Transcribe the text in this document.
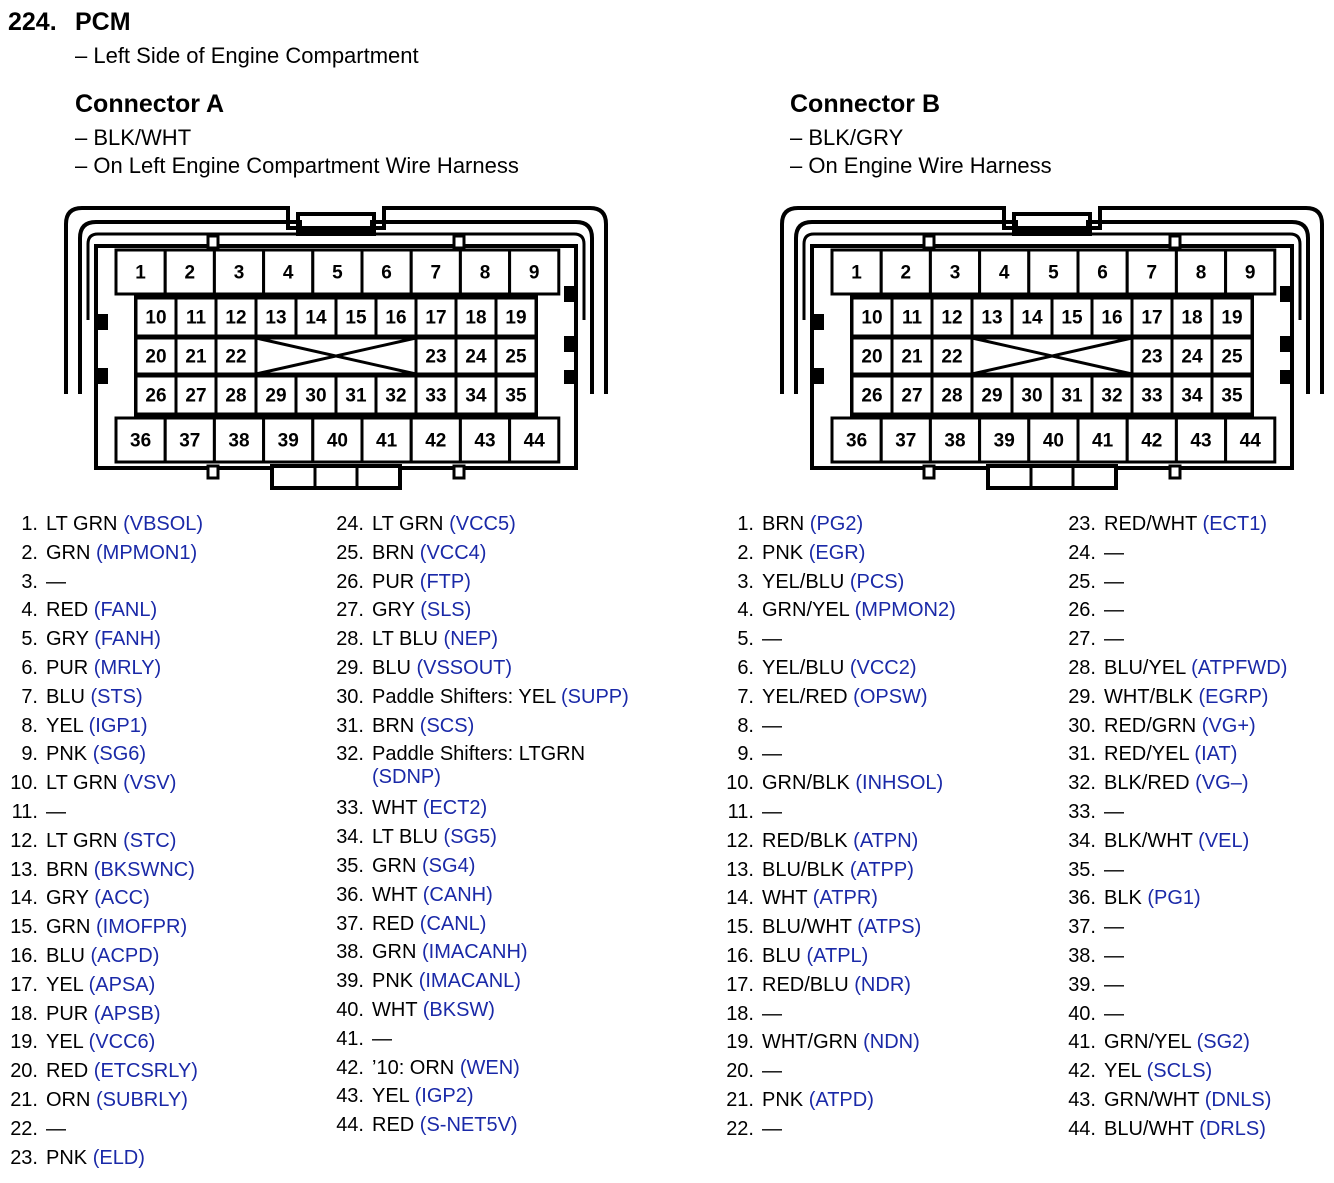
224. PCM
– Left Side of Engine Compartment
Connector A
– BLK/WHT
– On Left Engine Compartment Wire Harness
Connector B
– BLK/GRY
– On Engine Wire Harness
1 2 3 4 5 6 7 8 9
36 37 38 39 40 41 42 43 44
10 11 12 13 14 15 16 17 18 19
26 27 28 29 30 31 32 33 34 35
20 21 22	23 24 25
1 2 3 4 5 6 7 8 9
36 37 38 39 40 41 42 43 44
10 11 12 13 14 15 16 17 18 19
26 27 28 29 30 31 32 33 34 35
20 21 22	23 24 25
1. LT GRN (VBSOL)
2. GRN (MPMON1)
3. —
4. RED (FANL)
5. GRY (FANH)
6. PUR (MRLY)
7. BLU (STS)
8. YEL (IGP1)
9. PNK (SG6)
10. LT GRN (VSV)
11. —
12. LT GRN (STC)
13. BRN (BKSWNC)
14. GRY (ACC)
15. GRN (IMOFPR)
16. BLU (ACPD)
17. YEL (APSA)
18. PUR (APSB)
19. YEL (VCC6)
20. RED (ETCSRLY)
21. ORN (SUBRLY)
22. —
23. PNK (ELD)
24. LT GRN (VCC5)
25. BRN (VCC4)
26. PUR (FTP)
27. GRY (SLS)
28. LT BLU (NEP)
29. BLU (VSSOUT)
30. Paddle Shifters: YEL (SUPP)
31. BRN (SCS)
32. Paddle Shifters: LTGRN
(SDNP)
33. WHT (ECT2)
34. LT BLU (SG5)
35. GRN (SG4)
36. WHT (CANH)
37. RED (CANL)
38. GRN (IMACANH)
39. PNK (IMACANL)
40. WHT (BKSW)
41. —
42. ’10: ORN (WEN)
43. YEL (IGP2)
44. RED (S-NET5V)
1. BRN (PG2)
2. PNK (EGR)
3. YEL/BLU (PCS)
4. GRN/YEL (MPMON2)
5. —
6. YEL/BLU (VCC2)
7. YEL/RED (OPSW)
8. —
9. —
10. GRN/BLK (INHSOL)
11. —
12. RED/BLK (ATPN)
13. BLU/BLK (ATPP)
14. WHT (ATPR)
15. BLU/WHT (ATPS)
16. BLU (ATPL)
17. RED/BLU (NDR)
18. —
19. WHT/GRN (NDN)
20. —
21. PNK (ATPD)
22. —
23. RED/WHT (ECT1)
24. —
25. —
26. —
27. —
28. BLU/YEL (ATPFWD)
29. WHT/BLK (EGRP)
30. RED/GRN (VG+)
31. RED/YEL (IAT)
32. BLK/RED (VG–)
33. —
34. BLK/WHT (VEL)
35. —
36. BLK (PG1)
37. —
38. —
39. —
40. —
41. GRN/YEL (SG2)
42. YEL (SCLS)
43. GRN/WHT (DNLS)
44. BLU/WHT (DRLS)
